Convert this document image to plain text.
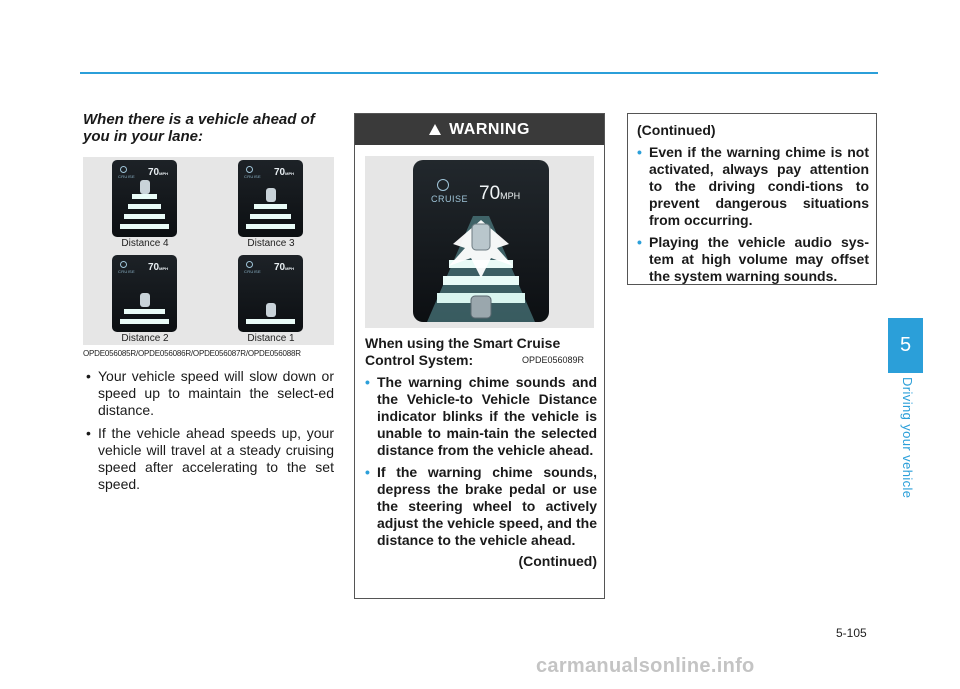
When there is a vehicle ahead of you in your lane:
CRUISE 70MPH
Distance 4
CRUISE 70MPH
Distance 3
CRUISE 70MPH
Distance 2
CRUISE 70MPH
Distance 1
OPDE056085R/OPDE056086R/OPDE056087R/OPDE056088R
• Your vehicle speed will slow down or speed up to maintain the select-ed distance.
• If the vehicle ahead speeds up, your vehicle will travel at a steady cruising speed after accelerating to the set speed.
WARNING
CRUISE 70MPH
OPDE056089R

When using the Smart Cruise Control System:

• The warning chime sounds and the Vehicle-to Vehicle Distance indicator blinks if the vehicle is unable to main-tain the selected distance from the vehicle ahead.
• If the warning chime sounds, depress the brake pedal or use the steering wheel to actively adjust the vehicle speed, and the distance to the vehicle ahead.
(Continued)

(Continued)

• Even if the warning chime is not activated, always pay attention to the driving condi-tions to prevent dangerous situations from occurring.
• Playing the vehicle audio sys-tem at high volume may offset the system warning sounds.
5
Driving your vehicle
5-105
carmanualsonline.info
